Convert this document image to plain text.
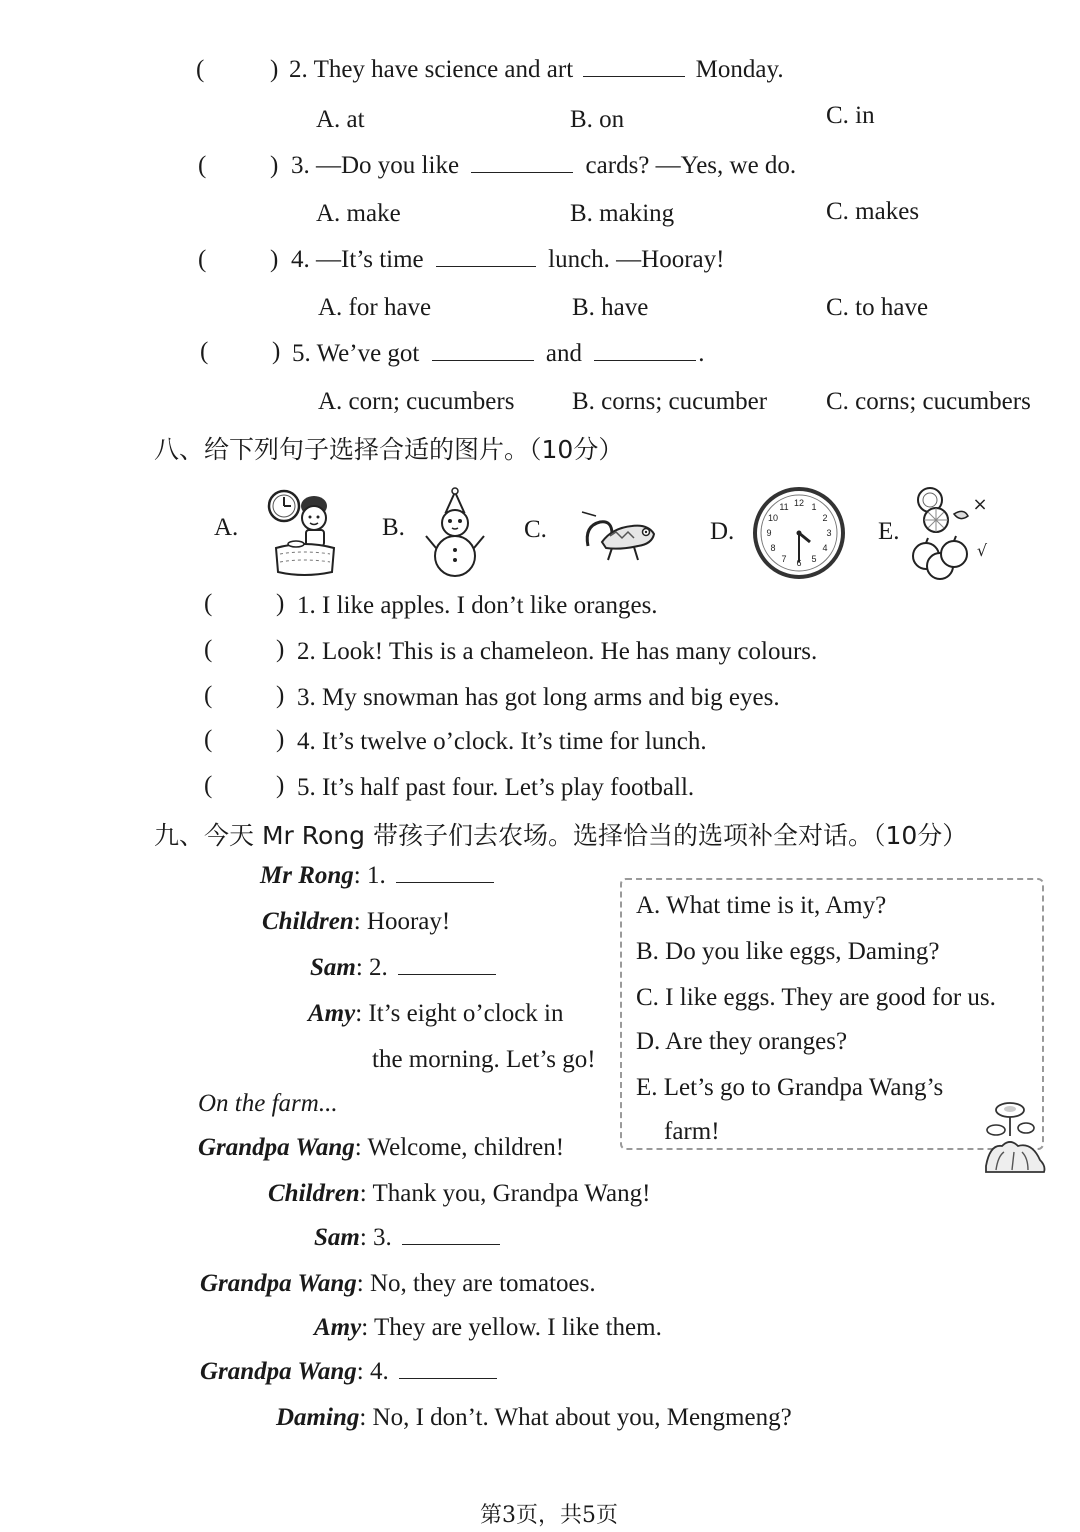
(	) 2. They have science and art	Monday.
A. at	B. on	C. in
(	) 3. —Do you like	cards? —Yes, we do.
A. make	B. making	C. makes
(	) 4. —It’s time	lunch. —Hooray!
A. for have	B. have	C. to have
(	) 5. We’ve got	and	.
A. corn; cucumbers B. corns; cucumber C. corns; cucumbers
八、给下列句子选择合适的图片。（10分）
A.	B.	C.	D.	E.
12 1
2
3
4
5
6
7
8
9
10
11	×
√
(	) 1. I like apples. I don’t like oranges.
(	) 2. Look! This is a chameleon. He has many colours.
(	) 3. My snowman has got long arms and big eyes.
(	) 4. It’s twelve o’clock. It’s time for lunch.
(	) 5. It’s half past four. Let’s play football.
九、今天 Mr Rong 带孩子们去农场。选择恰当的选项补全对话。（10分）
Mr Rong: 1.
Children: Hooray!
Sam: 2.
Amy: It’s eight o’clock in
the morning. Let’s go!
On the farm...
Grandpa Wang: Welcome, children!
Children: Thank you, Grandpa Wang!
Sam: 3.
Grandpa Wang: No, they are tomatoes.
Amy: They are yellow. I like them.
Grandpa Wang: 4.
Daming: No, I don’t. What about you, Mengmeng?
A. What time is it, Amy?
B. Do you like eggs, Daming?
C. I like eggs. They are good for us.
D. Are they oranges?
E. Let’s go to Grandpa Wang’s
farm!
第3页，共5页
